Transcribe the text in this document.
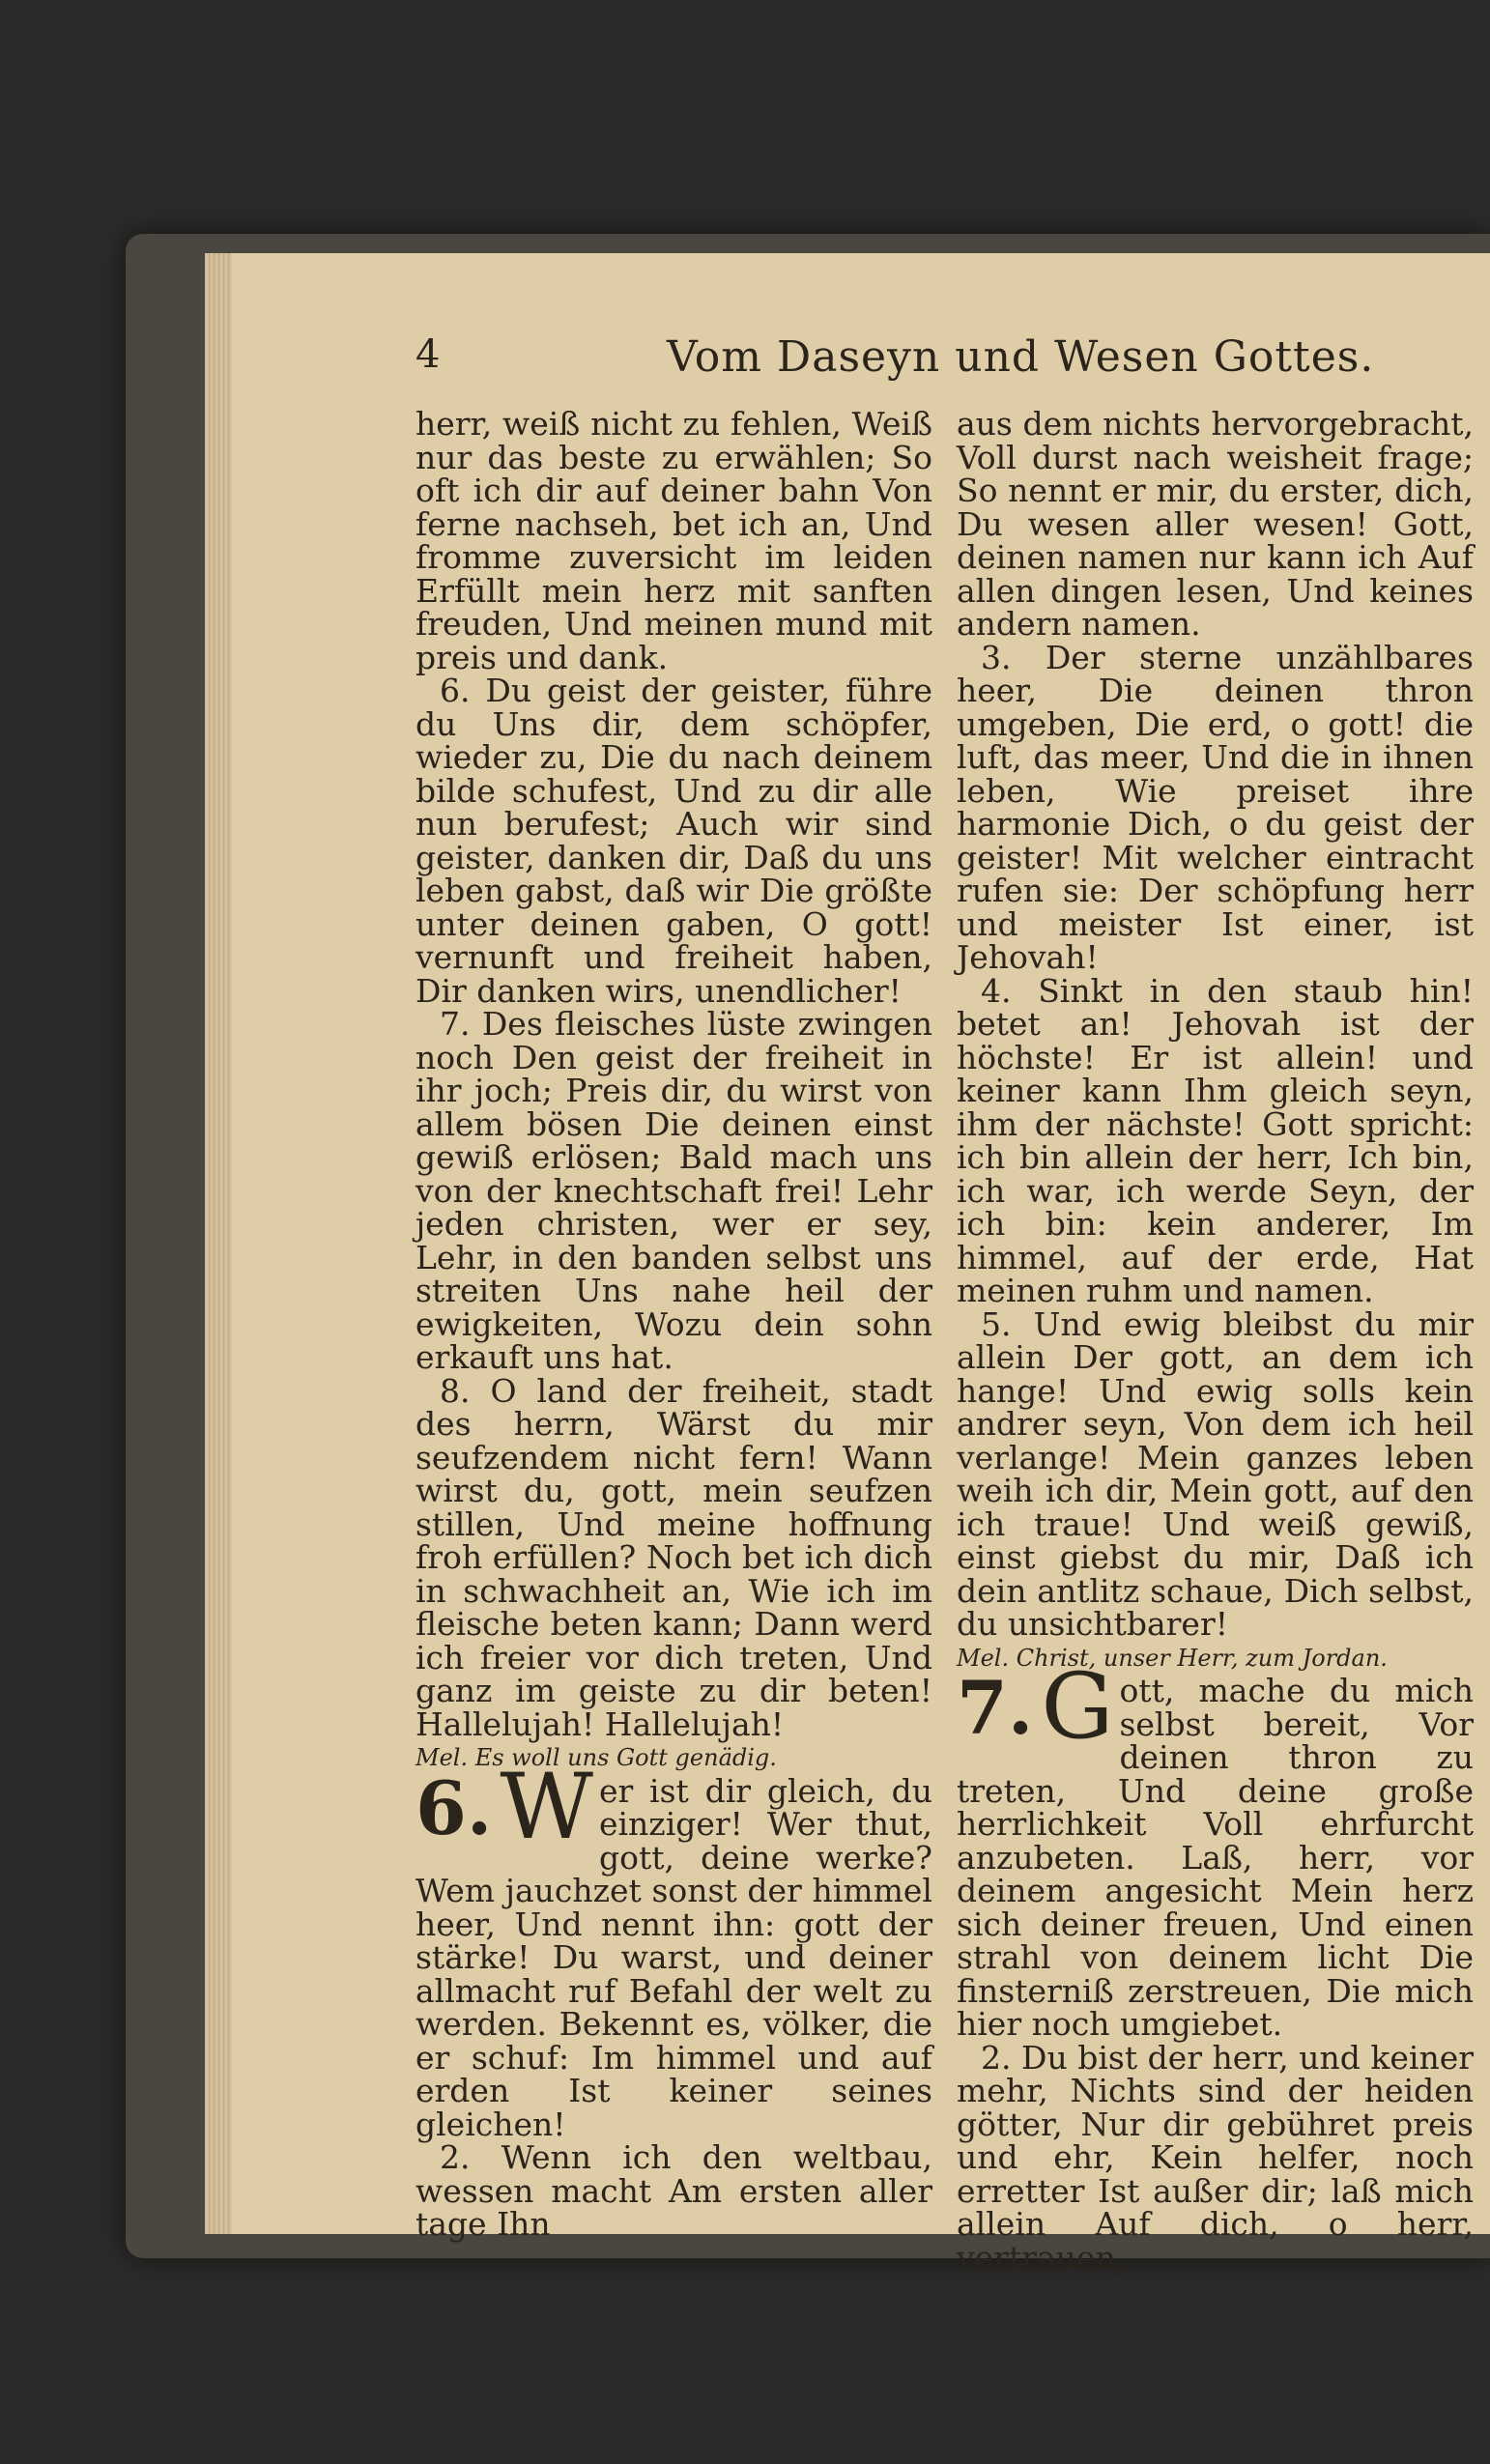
4	Vom Daseyn und Wesen Gottes.

herr, weiß nicht zu fehlen, Weiß nur das beste zu erwählen; So oft ich dir auf deiner bahn Von ferne nachseh, bet ich an, Und fromme zuversicht im leiden Erfüllt mein herz mit sanften freuden, Und meinen mund mit preis und dank.

6. Du geist der geister, führe du Uns dir, dem schöpfer, wieder zu, Die du nach deinem bilde schufest, Und zu dir alle nun berufest; Auch wir sind geister, danken dir, Daß du uns leben gabst, daß wir Die größte unter deinen gaben, O gott! vernunft und freiheit haben, Dir danken wirs, unendlicher!

7. Des fleisches lüste zwingen noch Den geist der freiheit in ihr joch; Preis dir, du wirst von allem bösen Die deinen einst gewiß erlösen; Bald mach uns von der knechtschaft frei! Lehr jeden christen, wer er sey, Lehr, in den banden selbst uns streiten Uns nahe heil der ewigkeiten, Wozu dein sohn erkauft uns hat.

8. O land der freiheit, stadt des herrn, Wärst du mir seufzendem nicht fern! Wann wirst du, gott, mein seufzen stillen, Und meine hoffnung froh erfüllen? Noch bet ich dich in schwachheit an, Wie ich im fleische beten kann; Dann werd ich freier vor dich treten, Und ganz im geiste zu dir beten! Hallelujah! Hallelujah!

Mel. Es woll uns Gott genädig.

6. W er ist dir gleich, du einziger! Wer thut, gott, deine werke? Wem jauchzet sonst der himmel heer, Und nennt ihn: gott der stärke! Du warst, und deiner allmacht ruf Befahl der welt zu werden. Bekennt es, völker, die er schuf: Im himmel und auf erden Ist keiner seines gleichen!

2. Wenn ich den weltbau, wessen macht Am ersten aller tage Ihn

aus dem nichts hervorgebracht, Voll durst nach weisheit frage; So nennt er mir, du erster, dich, Du wesen aller wesen! Gott, deinen namen nur kann ich Auf allen dingen lesen, Und keines andern namen.

3. Der sterne unzählbares heer, Die deinen thron umgeben, Die erd, o gott! die luft, das meer, Und die in ihnen leben, Wie preiset ihre harmonie Dich, o du geist der geister! Mit welcher eintracht rufen sie: Der schöpfung herr und meister Ist einer, ist Jehovah!

4. Sinkt in den staub hin! betet an! Jehovah ist der höchste! Er ist allein! und keiner kann Ihm gleich seyn, ihm der nächste! Gott spricht: ich bin allein der herr, Ich bin, ich war, ich werde Seyn, der ich bin: kein anderer, Im himmel, auf der erde, Hat meinen ruhm und namen.

5. Und ewig bleibst du mir allein Der gott, an dem ich hange! Und ewig solls kein andrer seyn, Von dem ich heil verlange! Mein ganzes leben weih ich dir, Mein gott, auf den ich traue! Und weiß gewiß, einst giebst du mir, Daß ich dein antlitz schaue, Dich selbst, du unsichtbarer!

Mel. Christ, unser Herr, zum Jordan.

7. G ott, mache du mich selbst bereit, Vor deinen thron zu treten, Und deine große herrlichkeit Voll ehrfurcht anzubeten. Laß, herr, vor deinem angesicht Mein herz sich deiner freuen, Und einen strahl von deinem licht Die finsterniß zerstreuen, Die mich hier noch umgiebet.

2. Du bist der herr, und keiner mehr, Nichts sind der heiden götter, Nur dir gebühret preis und ehr, Kein helfer, noch erretter Ist außer dir; laß mich allein Auf dich, o herr, vertrauen,
